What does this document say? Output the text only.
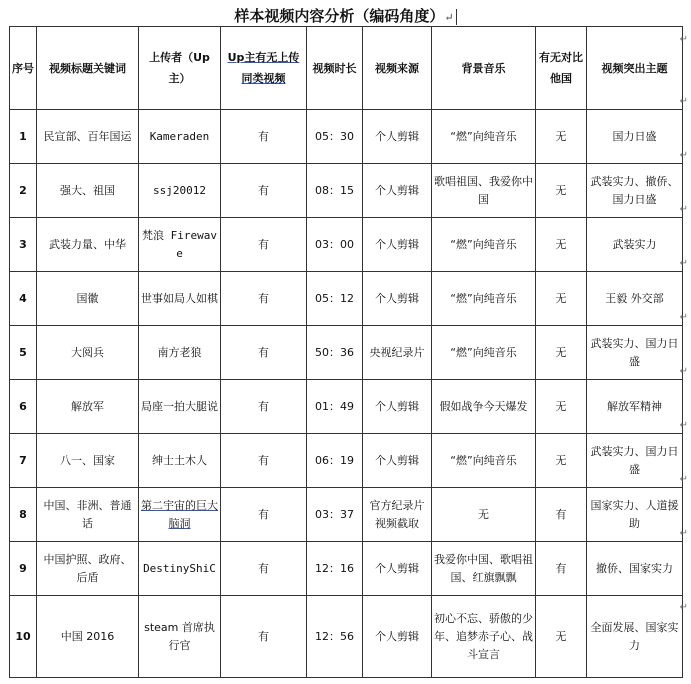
样本视频内容分析（编码角度）↵
序号	视频标题关键词	上传者（Up主）	Up主有无上传同类视频	视频时长	视频来源	背景音乐	有无对比他国	视频突出主题
1	民宣部、百年国运	Kameraden	有	05：30	个人剪辑	“燃”向纯音乐	无	国力日盛
2	强大、祖国	ssj20012	有	08：15	个人剪辑	歌唱祖国、我爱你中国	无	武装实力、撤侨、国力日盛
3	武装力量、中华	梵浪 Firewave	有	03：00	个人剪辑	“燃”向纯音乐	无	武装实力
4	国徽	世事如局人如棋	有	05：12	个人剪辑	“燃”向纯音乐	无	王毅 外交部
5	大阅兵	南方老狼	有	50：36	央视纪录片	“燃”向纯音乐	无	武装实力、国力日盛
6	解放军	局座一拍大腿说	有	01：49	个人剪辑	假如战争今天爆发	无	解放军精神
7	八一、国家	绅士土木人	有	06：19	个人剪辑	“燃”向纯音乐	无	武装实力、国力日盛
8	中国、非洲、普通话	第二宇宙的巨大脑洞	有	03：37	官方纪录片视频截取	无	有	国家实力、人道援助
9	中国护照、政府、后盾	DestinyShiC	有	12：16	个人剪辑	我爱你中国、歌唱祖国、红旗飘飘	有	撤侨、国家实力
10	中国 2016	steam 首席执行官	有	12：56	个人剪辑	初心不忘、骄傲的少年、追梦赤子心、战斗宣言	无	全面发展、国家实力
↵
↵
↵
↵
↵
↵
↵
↵
↵
↵
↵
